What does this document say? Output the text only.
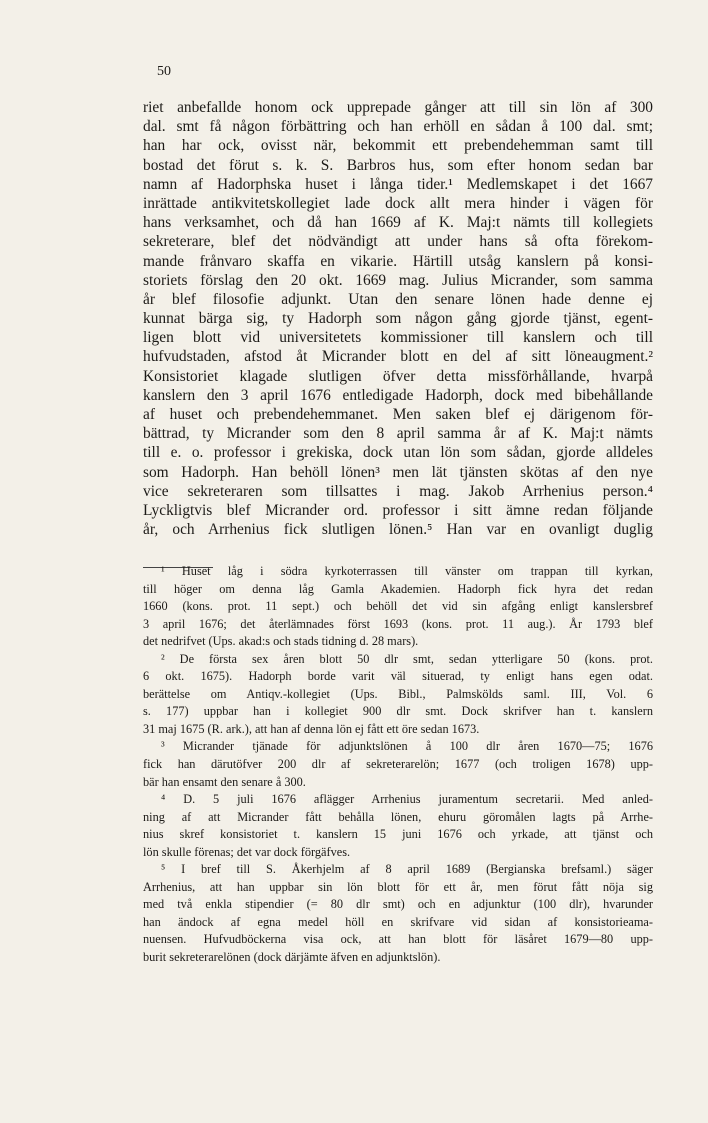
50
riet anbefallde honom ock upprepade gånger att till sin lön af 300
dal. smt få någon förbättring och han erhöll en sådan å 100 dal. smt;
han har ock, ovisst när, bekommit ett prebendehemman samt till
bostad det förut s. k. S. Barbros hus, som efter honom sedan bar
namn af Hadorphska huset i långa tider.¹ Medlemskapet i det 1667
inrättade antikvitetskollegiet lade dock allt mera hinder i vägen för
hans verksamhet, och då han 1669 af K. Maj:t nämts till kollegiets
sekreterare, blef det nödvändigt att under hans så ofta förekom-
mande frånvaro skaffa en vikarie. Härtill utsåg kanslern på konsi-
storiets förslag den 20 okt. 1669 mag. Julius Micrander, som samma
år blef filosofie adjunkt. Utan den senare lönen hade denne ej
kunnat bärga sig, ty Hadorph som någon gång gjorde tjänst, egent-
ligen blott vid universitetets kommissioner till kanslern och till
hufvudstaden, afstod åt Micrander blott en del af sitt löneaugment.²
Konsistoriet klagade slutligen öfver detta missförhållande, hvarpå
kanslern den 3 april 1676 entledigade Hadorph, dock med bibehållande
af huset och prebendehemmanet. Men saken blef ej därigenom för-
bättrad, ty Micrander som den 8 april samma år af K. Maj:t nämts
till e. o. professor i grekiska, dock utan lön som sådan, gjorde alldeles
som Hadorph. Han behöll lönen³ men lät tjänsten skötas af den nye
vice sekreteraren som tillsattes i mag. Jakob Arrhenius person.⁴
Lyckligtvis blef Micrander ord. professor i sitt ämne redan följande
år, och Arrhenius fick slutligen lönen.⁵ Han var en ovanligt duglig
¹ Huset låg i södra kyrkoterrassen till vänster om trappan till kyrkan,
till höger om denna låg Gamla Akademien. Hadorph fick hyra det redan
1660 (kons. prot. 11 sept.) och behöll det vid sin afgång enligt kanslersbref
3 april 1676; det återlämnades först 1693 (kons. prot. 11 aug.). År 1793 blef
det nedrifvet (Ups. akad:s och stads tidning d. 28 mars).
² De första sex åren blott 50 dlr smt, sedan ytterligare 50 (kons. prot.
6 okt. 1675). Hadorph borde varit väl situerad, ty enligt hans egen odat.
berättelse om Antiqv.-kollegiet (Ups. Bibl., Palmskölds saml. III, Vol. 6
s. 177) uppbar han i kollegiet 900 dlr smt. Dock skrifver han t. kanslern
31 maj 1675 (R. ark.), att han af denna lön ej fått ett öre sedan 1673.
³ Micrander tjänade för adjunktslönen å 100 dlr åren 1670—75; 1676
fick han därutöfver 200 dlr af sekreterarelön; 1677 (och troligen 1678) upp-
bär han ensamt den senare å 300.
⁴ D. 5 juli 1676 aflägger Arrhenius juramentum secretarii. Med anled-
ning af att Micrander fått behålla lönen, ehuru göromålen lagts på Arrhe-
nius skref konsistoriet t. kanslern 15 juni 1676 och yrkade, att tjänst och
lön skulle förenas; det var dock förgäfves.
⁵ I bref till S. Åkerhjelm af 8 april 1689 (Bergianska brefsaml.) säger
Arrhenius, att han uppbar sin lön blott för ett år, men förut fått nöja sig
med två enkla stipendier (= 80 dlr smt) och en adjunktur (100 dlr), hvarunder
han ändock af egna medel höll en skrifvare vid sidan af konsistorieama-
nuensen. Hufvudböckerna visa ock, att han blott för läsåret 1679—80 upp-
burit sekreterarelönen (dock därjämte äfven en adjunktslön).
